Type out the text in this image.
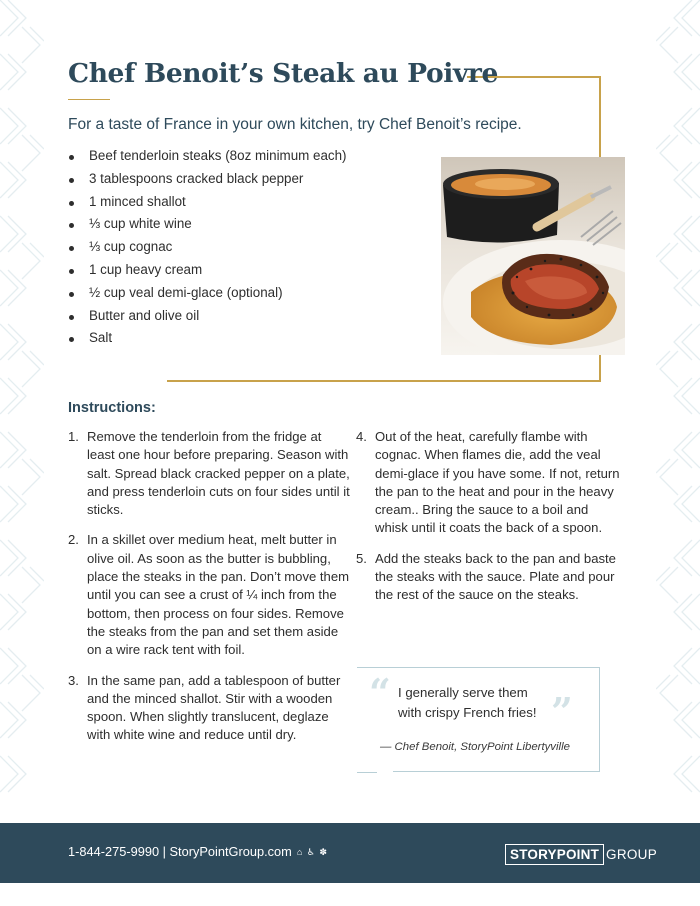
Chef Benoit’s Steak au Poivre

For a taste of France in your own kitchen, try Chef Benoit’s recipe.

Beef tenderloin steaks (8oz minimum each)
3 tablespoons cracked black pepper
1 minced shallot
⅓ cup white wine
⅓ cup cognac
1 cup heavy cream
½ cup veal demi-glace (optional)
Butter and olive oil
Salt
Instructions:
1. Remove the tenderloin from the fridge at least one hour before preparing. Season with salt. Spread black cracked pepper on a plate, and press tenderloin cuts on four sides until it sticks.
2. In a skillet over medium heat, melt butter in olive oil. As soon as the butter is bubbling, place the steaks in the pan. Don’t move them until you can see a crust of ¼ inch from the bottom, then process on four sides. Remove the steaks from the pan and set them aside on a wire rack tent with foil.
3. In the same pan, add a tablespoon of butter and the minced shallot. Stir with a wooden spoon. When slightly translucent, deglaze with white wine and reduce until dry.
4. Out of the heat, carefully flambe with cognac. When flames die, add the veal demi-glace if you have some. If not, return the pan to the heat and pour in the heavy cream.. Bring the sauce to a boil and whisk until it coats the back of a spoon.
5. Add the steaks back to the pan and baste the steaks with the sauce. Plate and pour the rest of the sauce on the steaks.
“	”
I generally serve them
with crispy French fries!
— Chef Benoit, StoryPoint Libertyville
1-844-275-9990 | StoryPointGroup.com ⌂ ♿ ✽	STORYPOINT GROUP
